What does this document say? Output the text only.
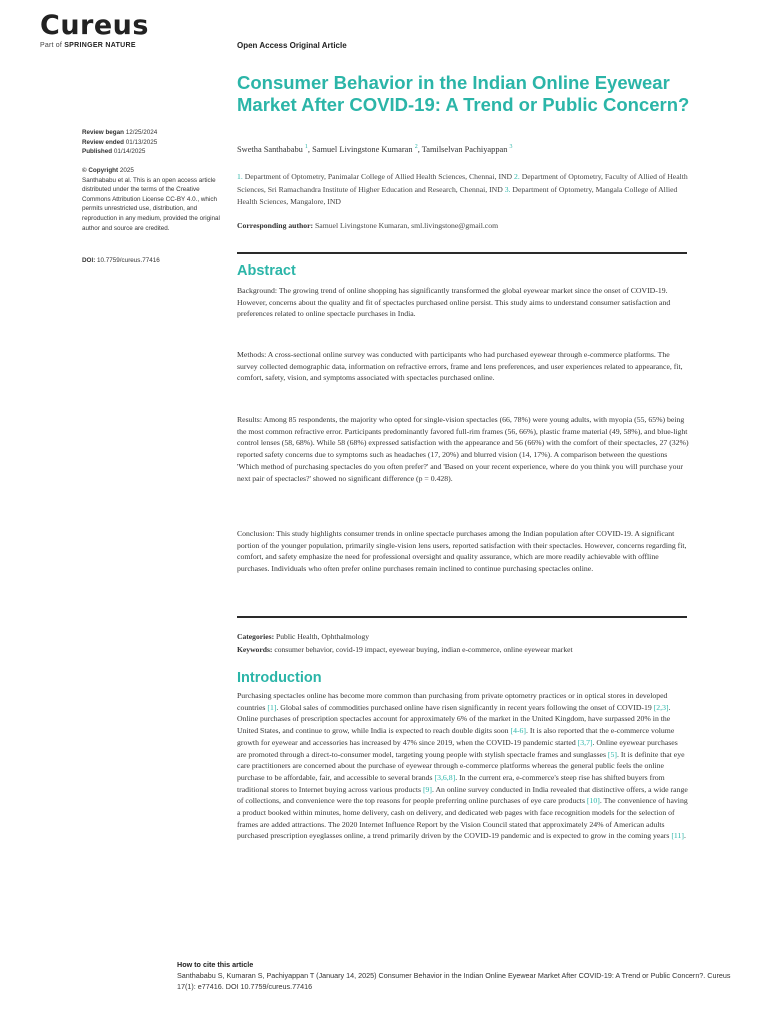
Cureus
Part of SPRINGER NATURE	Open Access Original Article
Consumer Behavior in the Indian Online Eyewear Market After COVID-19: A Trend or Public Concern?
Review began 12/25/2024
Review ended 01/13/2025
Published 01/14/2025
© Copyright 2025
Santhababu et al. This is an open access article distributed under the terms of the Creative Commons Attribution License CC-BY 4.0., which permits unrestricted use, distribution, and reproduction in any medium, provided the original author and source are credited.
DOI: 10.7759/cureus.77416
Swetha Santhababu $^1$, Samuel Livingstone Kumaran $^2$, Tamilselvan Pachiyappan $^3$
1. Department of Optometry, Panimalar College of Allied Health Sciences, Chennai, IND 2. Department of Optometry, Faculty of Allied of Health Sciences, Sri Ramachandra Institute of Higher Education and Research, Chennai, IND 3. Department of Optometry, Mangala College of Allied Health Sciences, Mangalore, IND
Corresponding author: Samuel Livingstone Kumaran, sml.livingstone@gmail.com
Abstract
Background: The growing trend of online shopping has significantly transformed the global eyewear market since the onset of COVID-19. However, concerns about the quality and fit of spectacles purchased online persist. This study aims to understand consumer satisfaction and preferences related to online spectacle purchases in India.
Methods: A cross-sectional online survey was conducted with participants who had purchased eyewear through e-commerce platforms. The survey collected demographic data, information on refractive errors, frame and lens preferences, and user experiences related to appearance, fit, comfort, safety, vision, and symptoms associated with spectacles purchased online.
Results: Among 85 respondents, the majority who opted for single-vision spectacles (66, 78%) were young adults, with myopia (55, 65%) being the most common refractive error. Participants predominantly favored full-rim frames (56, 66%), plastic frame material (49, 58%), and blue-light control lenses (58, 68%). While 58 (68%) expressed satisfaction with the appearance and 56 (66%) with the comfort of their spectacles, 27 (32%) reported safety concerns due to symptoms such as headaches (17, 20%) and blurred vision (14, 17%). A comparison between the questions 'Which method of purchasing spectacles do you often prefer?' and 'Based on your recent experience, where do you think you will purchase your next pair of spectacles?' showed no significant difference (p = 0.428).
Conclusion: This study highlights consumer trends in online spectacle purchases among the Indian population after COVID-19. A significant portion of the younger population, primarily single-vision lens users, reported satisfaction with their spectacles. However, concerns regarding fit, comfort, and safety emphasize the need for professional oversight and quality assurance, which are more readily achievable with offline purchases. Individuals who often prefer online purchases remain inclined to continue purchasing spectacles online.
Categories: Public Health, Ophthalmology
Keywords: consumer behavior, covid-19 impact, eyewear buying, indian e-commerce, online eyewear market
Introduction
Purchasing spectacles online has become more common than purchasing from private optometry practices or in optical stores in developed countries [1]. Global sales of commodities purchased online have risen significantly in recent years following the onset of COVID-19 [2,3]. Online purchases of prescription spectacles account for approximately 6% of the market in the United Kingdom, have surpassed 20% in the United States, and continue to grow, while India is expected to reach double digits soon [4-6]. It is also reported that the e-commerce volume growth for eyewear and accessories has increased by 47% since 2019, when the COVID-19 pandemic started [3,7]. Online eyewear purchases are promoted through a direct-to-consumer model, targeting young people with stylish spectacle frames and sunglasses [5]. It is definite that eye care practitioners are concerned about the purchase of eyewear through e-commerce platforms whereas the general public feels the online purchase to be affordable, fair, and accessible to several brands [3,6,8]. In the current era, e-commerce's steep rise has shifted buyers from traditional stores to Internet buying across various products [9]. An online survey conducted in India revealed that distinctive offers, a wide range of collections, and convenience were the top reasons for people preferring online purchases of eye care products [10]. The convenience of having a product booked within minutes, home delivery, cash on delivery, and dedicated web pages with face recognition models for the selection of frames are added attractions. The 2020 Internet Influence Report by the Vision Council stated that approximately 24% of American adults purchased prescription eyeglasses online, a trend primarily driven by the COVID-19 pandemic and is expected to grow in the coming years [11].
How to cite this article
Santhababu S, Kumaran S, Pachiyappan T (January 14, 2025) Consumer Behavior in the Indian Online Eyewear Market After COVID-19: A Trend or Public Concern?. Cureus 17(1): e77416. DOI 10.7759/cureus.77416
